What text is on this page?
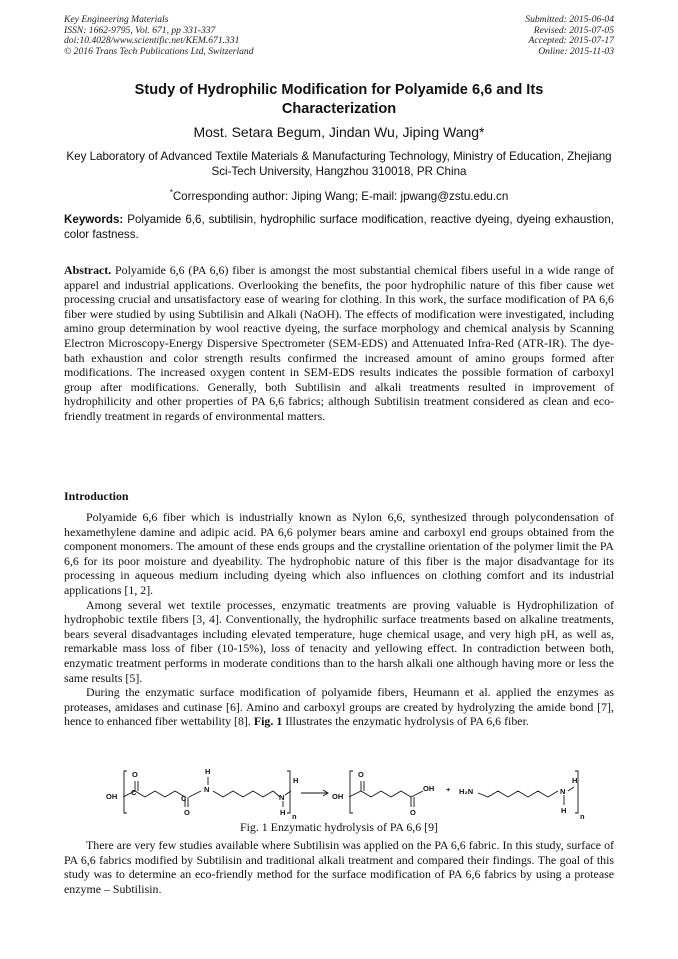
Key Engineering Materials
ISSN: 1662-9795, Vol. 671, pp 331-337
doi:10.4028/www.scientific.net/KEM.671.331
© 2016 Trans Tech Publications Ltd, Switzerland
Submitted: 2015-06-04
Revised: 2015-07-05
Accepted: 2015-07-17
Online: 2015-11-03
Study of Hydrophilic Modification for Polyamide 6,6 and Its Characterization
Most. Setara Begum, Jindan Wu, Jiping Wang*
Key Laboratory of Advanced Textile Materials & Manufacturing Technology, Ministry of Education, Zhejiang Sci-Tech University, Hangzhou 310018, PR China
*Corresponding author: Jiping Wang; E-mail: jpwang@zstu.edu.cn
Keywords: Polyamide 6,6, subtilisin, hydrophilic surface modification, reactive dyeing, dyeing exhaustion, color fastness.
Abstract. Polyamide 6,6 (PA 6,6) fiber is amongst the most substantial chemical fibers useful in a wide range of apparel and industrial applications. Overlooking the benefits, the poor hydrophilic nature of this fiber cause wet processing crucial and unsatisfactory ease of wearing for clothing. In this work, the surface modification of PA 6,6 fiber were studied by using Subtilisin and Alkali (NaOH). The effects of modification were investigated, including amino group determination by wool reactive dyeing, the surface morphology and chemical analysis by Scanning Electron Microscopy-Energy Dispersive Spectrometer (SEM-EDS) and Attenuated Infra-Red (ATR-IR). The dye-bath exhaustion and color strength results confirmed the increased amount of amino groups formed after modifications. The increased oxygen content in SEM-EDS results indicates the possible formation of carboxyl group after modifications. Generally, both Subtilisin and alkali treatments resulted in improvement of hydrophilicity and other properties of PA 6,6 fabrics; although Subtilisin treatment considered as clean and eco-friendly treatment in regards of environmental matters.
Introduction

Polyamide 6,6 fiber which is industrially known as Nylon 6,6, synthesized through polycondensation of hexamethylene damine and adipic acid. PA 6,6 polymer bears amine and carboxyl end groups obtained from the component monomers. The amount of these ends groups and the crystalline orientation of the polymer limit the PA 6,6 for its poor moisture and dyeability. The hydrophobic nature of this fiber is the major disadvantage for its processing in aqueous medium including dyeing which also influences on clothing comfort and its industrial applications [1, 2].

Among several wet textile processes, enzymatic treatments are proving valuable is Hydrophilization of hydrophobic textile fibers [3, 4]. Conventionally, the hydrophilic surface treatments based on alkaline treatments, bears several disadvantages including elevated temperature, huge chemical usage, and very high pH, as well as, remarkable mass loss of fiber (10-15%), loss of tenacity and yellowing effect. In contradiction between both, enzymatic treatment performs in moderate conditions than to the harsh alkali one although having more or less the same results [5].

During the enzymatic surface modification of polyamide fibers, Heumann et al. applied the enzymes as proteases, amidases and cutinase [6]. Amino and carboxyl groups are created by hydrolyzing the amide bond [7], hence to enhanced fiber wettability [8]. Fig. 1 Illustrates the enzymatic hydrolysis of PA 6,6 fiber.

O
OH C
C
O
N
H
N
H
H
n
O
OH
O
OH + H₂N	N
H
H
n
Fig. 1 Enzymatic hydrolysis of PA 6,6 [9]

There are very few studies available where Subtilisin was applied on the PA 6,6 fabric. In this study, surface of PA 6,6 fabrics modified by Subtilisin and traditional alkali treatment and compared their findings. The goal of this study was to determine an eco-friendly method for the surface modification of PA 6,6 fabrics by using a protease enzyme – Subtilisin.
